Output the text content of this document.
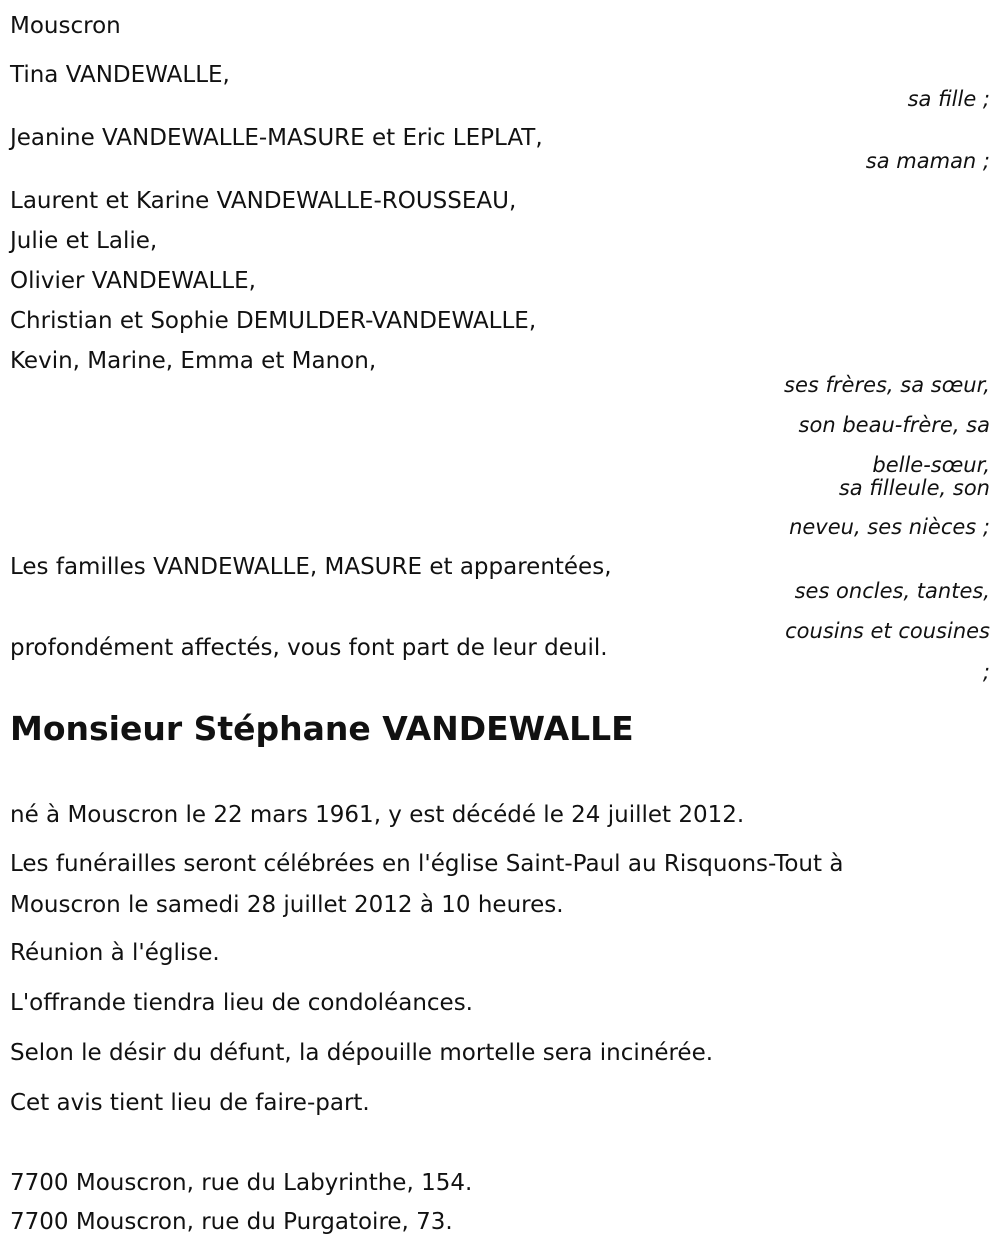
Mouscron
Tina VANDEWALLE,
sa fille ;
Jeanine VANDEWALLE-MASURE et Eric LEPLAT,
sa maman ;
Laurent et Karine VANDEWALLE-ROUSSEAU,
Julie et Lalie,
Olivier VANDEWALLE,
Christian et Sophie DEMULDER-VANDEWALLE,
Kevin, Marine, Emma et Manon,
ses frères, sa sœur,
son beau-frère, sa
belle-sœur,
sa filleule, son
neveu, ses nièces ;
Les familles VANDEWALLE, MASURE et apparentées,
ses oncles, tantes,
cousins et cousines
profondément affectés, vous font part de leur deuil.
;
Monsieur Stéphane VANDEWALLE
né à Mouscron le 22 mars 1961, y est décédé le 24 juillet 2012.
Les funérailles seront célébrées en l'église Saint-Paul au Risquons-Tout à
Mouscron le samedi 28 juillet 2012 à 10 heures.
Réunion à l'église.
L'offrande tiendra lieu de condoléances.
Selon le désir du défunt, la dépouille mortelle sera incinérée.
Cet avis tient lieu de faire-part.
7700 Mouscron, rue du Labyrinthe, 154.
7700 Mouscron, rue du Purgatoire, 73.
